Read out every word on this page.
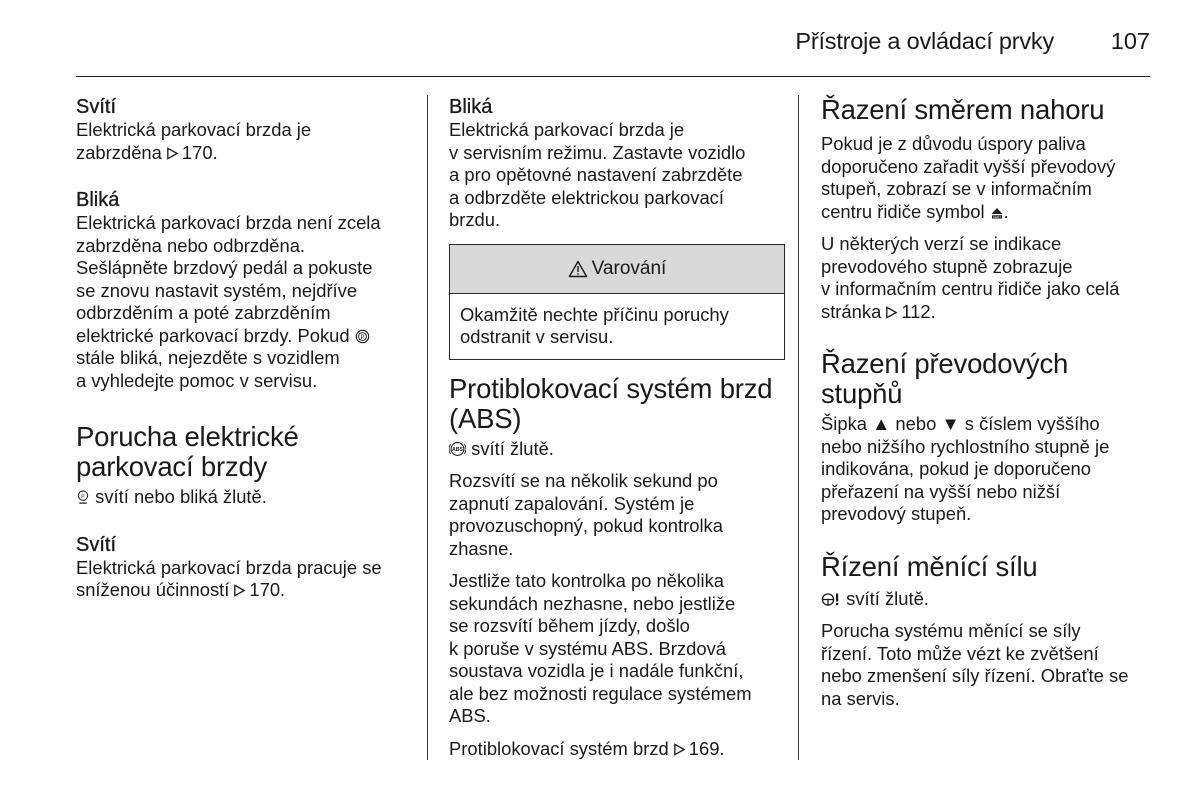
Přístroje a ovládací prvky 107
Svítí

Elektrická parkovací brzda je
zabrzděna 170.

Bliká

Elektrická parkovací brzda není zcela
zabrzděna nebo odbrzděna.
Sešlápněte brzdový pedál a pokuste
se znovu nastavit systém, nejdříve
odbrzděním a poté zabrzděním
elektrické parkovací brzdy. Pokud P

stále bliká, nejezděte s vozidlem
a vyhledejte pomoc v servisu.

Porucha elektrické
parkovací brzdy

P svítí nebo bliká žlutě.

Svítí

Elektrická parkovací brzda pracuje se
sníženou účinností 170.

Bliká

Elektrická parkovací brzda je
v servisním režimu. Zastavte vozidlo
a pro opětovné nastavení zabrzděte
a odbrzděte elektrickou parkovací
brzdu.

Varování
Okamžitě nechte příčinu poruchy
odstranit v servisu.
Protiblokovací systém brzd
(ABS)

ABS svítí žlutě.

Rozsvítí se na několik sekund po
zapnutí zapalování. Systém je
provozuschopný, pokud kontrolka
zhasne.

Jestliže tato kontrolka po několika
sekundách nezhasne, nebo jestliže
se rozsvítí během jízdy, došlo
k poruše v systému ABS. Brzdová
soustava vozidla je i nadále funkční,
ale bez možnosti regulace systémem
ABS.

Protiblokovací systém brzd 169.

Řazení směrem nahoru

Pokud je z důvodu úspory paliva
doporučeno zařadit vyšší převodový
stupeň, zobrazí se v informačním
centru řidiče symbol	SHIFT .

U některých verzí se indikace
prevodového stupně zobrazuje
v informačním centru řidiče jako celá
stránka 112.

Řazení převodových
stupňů

Šipka ▲ nebo ▼ s číslem vyššího
nebo nižšího rychlostního stupně je
indikována, pokud je doporučeno
přeřazení na vyšší nebo nižší
prevodový stupeň.

Řízení měnící sílu

svítí žlutě.

Porucha systému měnící se síly
řízení. Toto může vézt ke zvětšení
nebo zmenšení síly řízení. Obraťte se
na servis.
